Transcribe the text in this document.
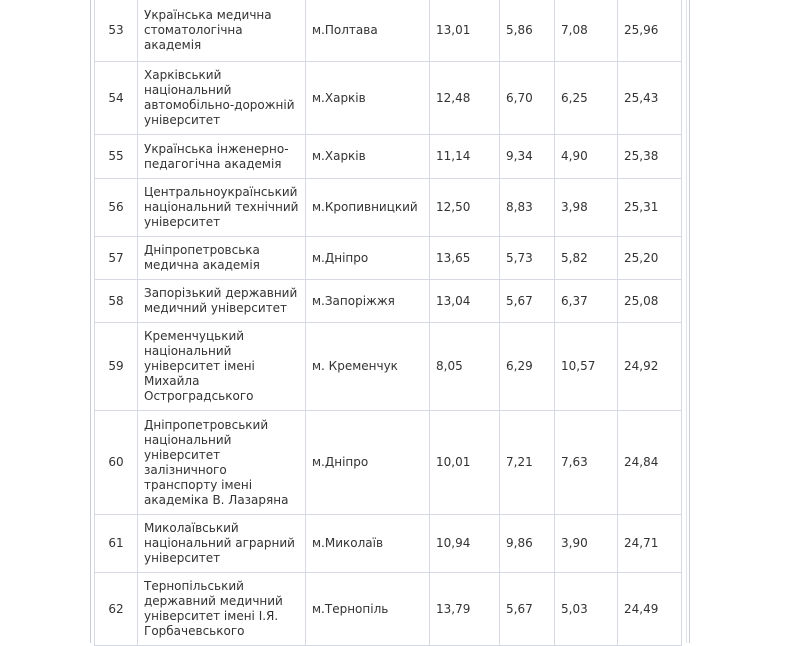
53	Українська медична стоматологічна академія	м.Полтава	13,01	5,86	7,08	25,96
54	Харківський національний автомобільно-дорожній університет	м.Харків	12,48	6,70	6,25	25,43
55	Українська інженерно-педагогічна академія	м.Харків	11,14	9,34	4,90	25,38
56	Центральноукраїнський національний технічний університет	м.Кропивницкий	12,50	8,83	3,98	25,31
57	Дніпропетровська медична академія	м.Дніпро	13,65	5,73	5,82	25,20
58	Запорізький державний медичний університет	м.Запоріжжя	13,04	5,67	6,37	25,08
59	Кременчуцький національний університет імені Михайла Остроградського	м. Кременчук	8,05	6,29	10,57	24,92
60	Дніпропетровський національний університет залізничного транспорту імені академіка В. Лазаряна	м.Дніпро	10,01	7,21	7,63	24,84
61	Миколаївський національний аграрний університет	м.Миколаїв	10,94	9,86	3,90	24,71
62	Тернопільський державний медичний університет імені І.Я. Горбачевського	м.Тернопіль	13,79	5,67	5,03	24,49
